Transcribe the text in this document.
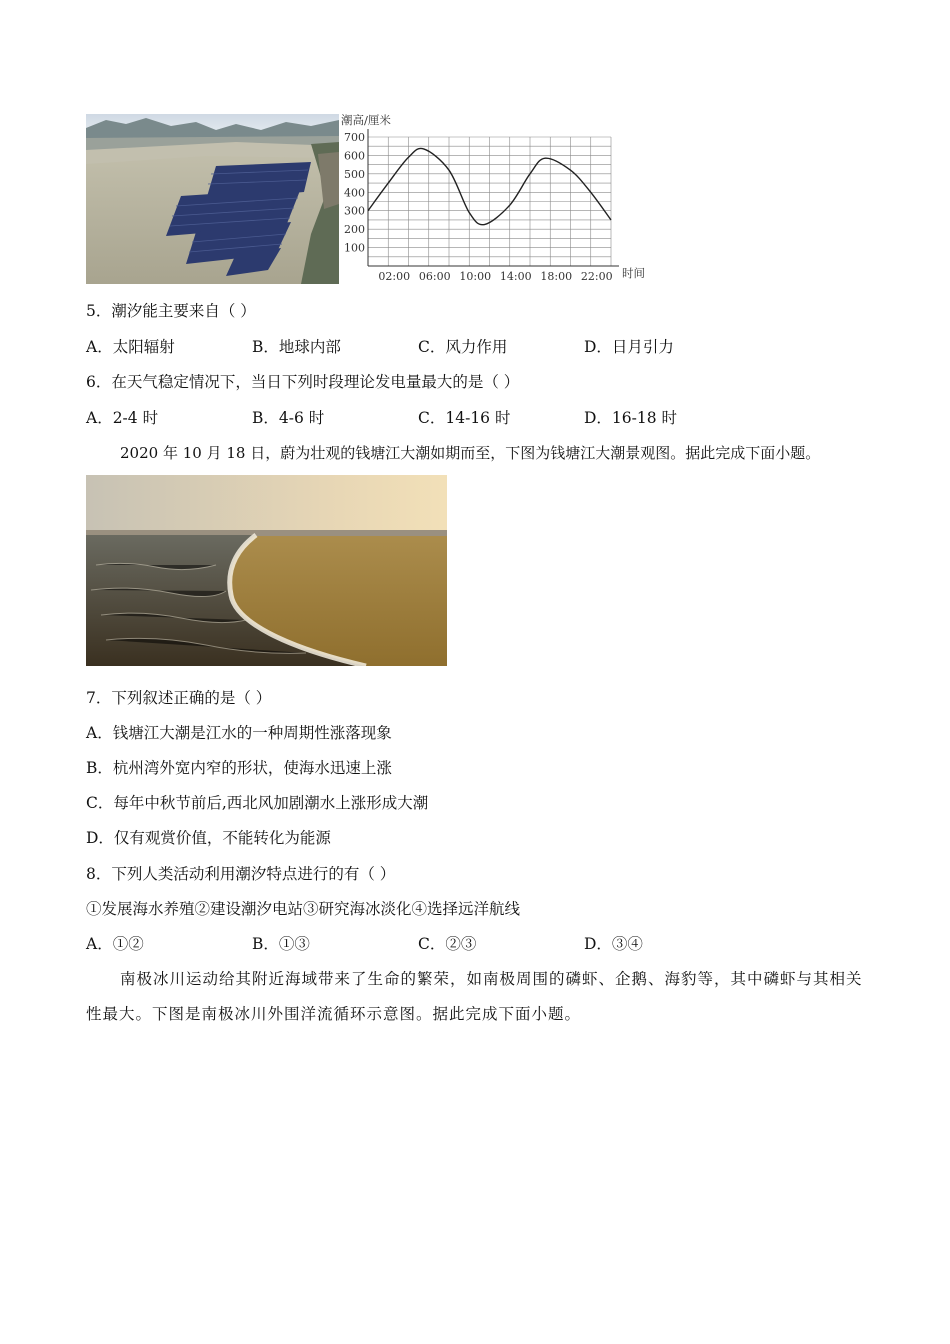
100
200
300
400
500
600
700
02:00 06:00 10:00 14:00 18:00 22:00
潮高/厘米
时间
5．潮汐能主要来自（ ）
A．太阳辐射	B．地球内部	C．风力作用	D．日月引力
6．在天气稳定情况下，当日下列时段理论发电量最大的是（ ）
A．2-4 时	B．4-6 时	C．14-16 时	D．16-18 时
2020 年 10 月 18 日，蔚为壮观的钱塘江大潮如期而至，下图为钱塘江大潮景观图。据此完成下面小题。
7．下列叙述正确的是（ ）
A．钱塘江大潮是江水的一种周期性涨落现象
B．杭州湾外宽内窄的形状，使海水迅速上涨
C．每年中秋节前后,西北风加剧潮水上涨形成大潮
D．仅有观赏价值，不能转化为能源
8．下列人类活动利用潮汐特点进行的有（ ）
①发展海水养殖②建设潮汐电站③研究海冰淡化④选择远洋航线
A．①②	B．①③	C．②③	D．③④
南极冰川运动给其附近海域带来了生命的繁荣，如南极周围的磷虾、企鹅、海豹等，其中磷虾与其相关性最大。下图是南极冰川外围洋流循环示意图。据此完成下面小题。
